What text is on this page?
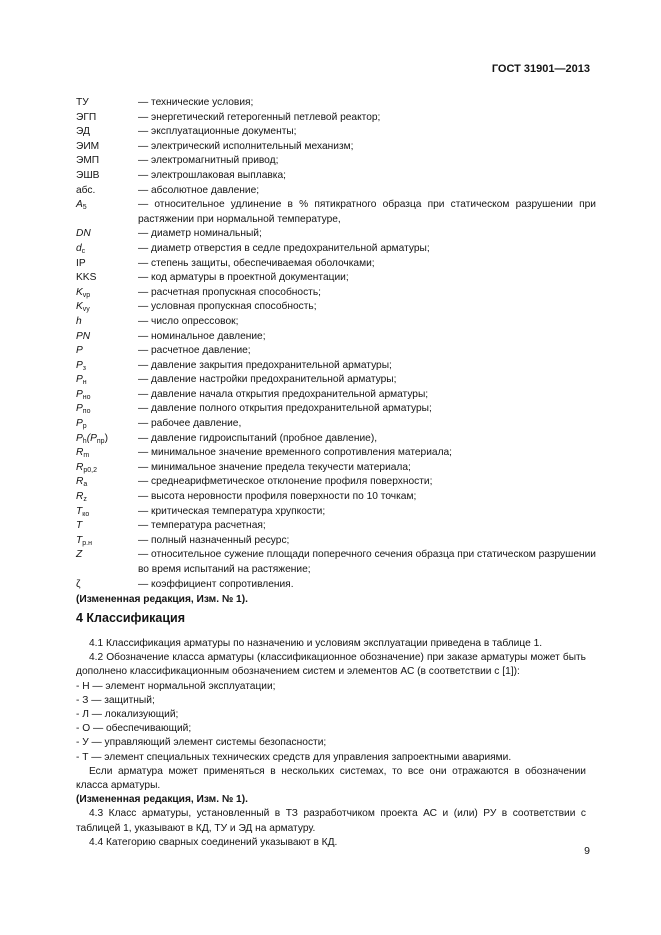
ГОСТ 31901—2013
ТУ	— технические условия;
ЭГП	— энергетический гетерогенный петлевой реактор;
ЭД	— эксплуатационные документы;
ЭИМ	— электрический исполнительный механизм;
ЭМП	— электромагнитный привод;
ЭШВ	— электрошлаковая выплавка;
абс.	— абсолютное давление;
$A_5$	— относительное удлинение в % пятикратного образца при статическом разрушении при растяжении при нормальной температуре,
DN	— диаметр номинальный;
$d_c$	— диаметр отверстия в седле предохранительной арматуры;
IP	— степень защиты, обеспечиваемая оболочками;
KKS	— код арматуры в проектной документации;
$K_{vp}$	— расчетная пропускная способность;
$K_{vy}$	— условная пропускная способность;
h	— число опрессовок;
PN	— номинальное давление;
P	— расчетное давление;
$P_з$	— давление закрытия предохранительной арматуры;
$P_н$	— давление настройки предохранительной арматуры;
$P_{но}$	— давление начала открытия предохранительной арматуры;
$P_{по}$	— давление полного открытия предохранительной арматуры;
$P_p$	— рабочее давление,
$P_h(P_{пр})$	— давление гидроиспытаний (пробное давление),
$R_m$	— минимальное значение временного сопротивления материала;
$R_{p0,2}$	— минимальное значение предела текучести материала;
$R_a$	— среднеарифметическое отклонение профиля поверхности;
$R_z$	— высота неровности профиля поверхности по 10 точкам;
$T_{ко}$	— критическая температура хрупкости;
T	— температура расчетная;
$T_{р.н}$	— полный назначенный ресурс;
Z	— относительное сужение площади поперечного сечения образца при статическом разрушении во время испытаний на растяжение;
ζ	— коэффициент сопротивления.
(Измененная редакция, Изм. № 1).
4 Классификация

4.1 Классификация арматуры по назначению и условиям эксплуатации приведена в таблице 1.

4.2 Обозначение класса арматуры (классификационное обозначение) при заказе арматуры может быть дополнено классификационным обозначением систем и элементов АС (в соответствии с [1]):

- Н — элемент нормальной эксплуатации;

- З — защитный;

- Л — локализующий;

- О — обеспечивающий;

- У — управляющий элемент системы безопасности;

- Т — элемент специальных технических средств для управления запроектными авариями.

Если арматура может применяться в нескольких системах, то все они отражаются в обозначении класса арматуры.

(Измененная редакция, Изм. № 1).

4.3 Класс арматуры, установленный в ТЗ разработчиком проекта АС и (или) РУ в соответствии с таблицей 1, указывают в КД, ТУ и ЭД на арматуру.

4.4 Категорию сварных соединений указывают в КД.

9
